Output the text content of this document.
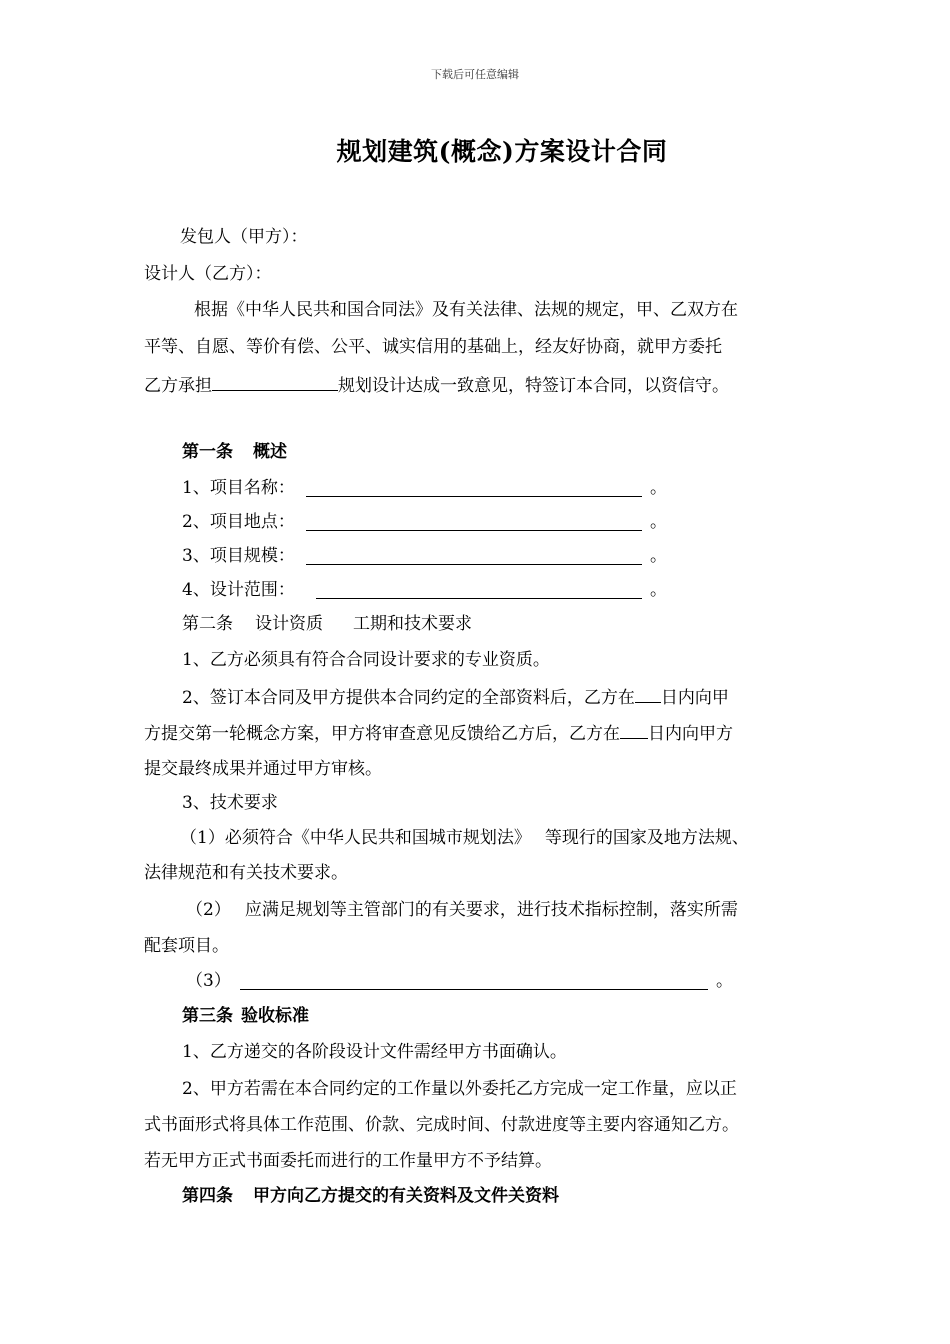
下载后可任意编辑
规划建筑(概念)方案设计合同
发包人（甲方）：
设计人（乙方）：
根据《中华人民共和国合同法》及有关法律、法规的规定，甲、乙双方在
平等、自愿、等价有偿、公平、诚实信用的基础上，经友好协商，就甲方委托
乙方承担	规划设计达成一致意见，特签订本合同，以资信守。
第一条 概述
1、项目名称：	。
2、项目地点：	。
3、项目规模：	。
4、设计范围：	。
第二条 设计资质 工期和技术要求
1、乙方必须具有符合合同设计要求的专业资质。
2、签订本合同及甲方提供本合同约定的全部资料后，乙方在 日内向甲
方提交第一轮概念方案，甲方将审查意见反馈给乙方后，乙方在 日内向甲方
提交最终成果并通过甲方审核。
3、技术要求
（1）必须符合《中华人民共和国城市规划法》 等现行的国家及地方法规、
法律规范和有关技术要求。
（2） 应满足规划等主管部门的有关要求，进行技术指标控制，落实所需
配套项目。
（3）	。
第三条 验收标准
1、乙方递交的各阶段设计文件需经甲方书面确认。
2、甲方若需在本合同约定的工作量以外委托乙方完成一定工作量，应以正
式书面形式将具体工作范围、价款、完成时间、付款进度等主要内容通知乙方。
若无甲方正式书面委托而进行的工作量甲方不予结算。
第四条 甲方向乙方提交的有关资料及文件关资料
